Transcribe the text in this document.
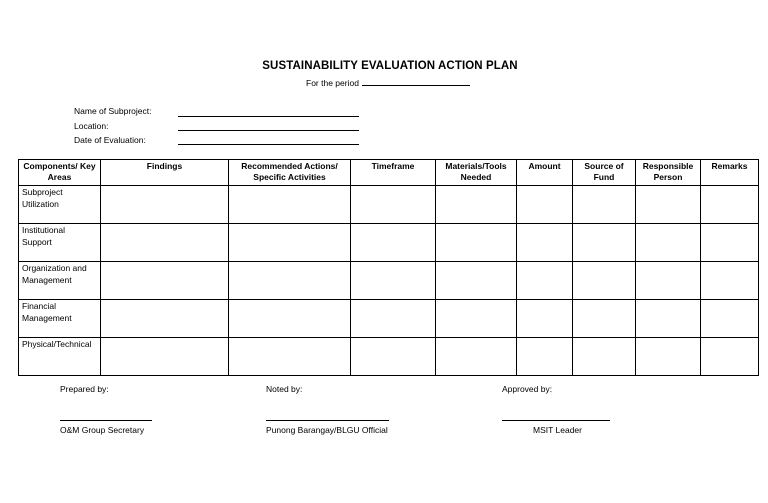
SUSTAINABILITY EVALUATION ACTION PLAN
For the period
Name of Subproject:
Location:
Date of Evaluation:
Components/ Key Areas	Findings	Recommended Actions/ Specific Activities	Timeframe	Materials/Tools Needed	Amount	Source of Fund	Responsible Person	Remarks
Subproject Utilization								
Institutional Support								
Organization and Management								
Financial Management								
Physical/Technical								
Prepared by:
O&M Group Secretary
Noted by:
Punong Barangay/BLGU Official
Approved by:
MSIT Leader
